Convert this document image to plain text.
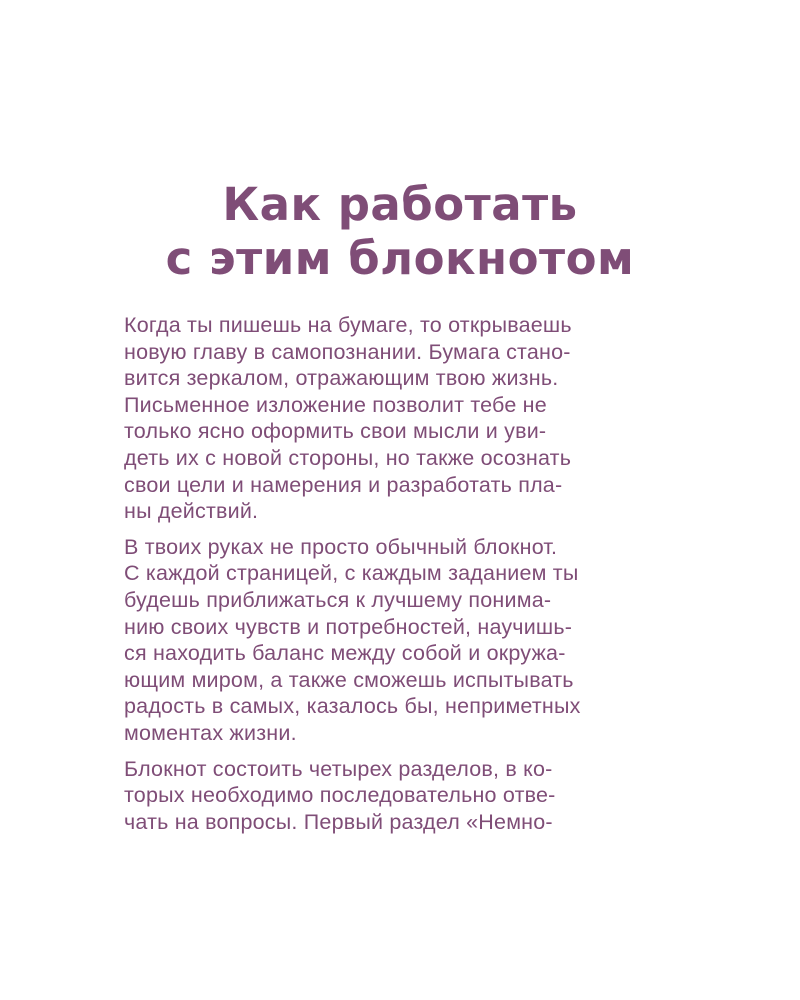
Как работать
с этим блокнотом

Когда ты пишешь на бумаге, то открываешь
новую главу в самопознании. Бумага стано-
вится зеркалом, отражающим твою жизнь.
Письменное изложение позволит тебе не
только ясно оформить свои мысли и уви-
деть их с новой стороны, но также осознать
свои цели и намерения и разработать пла-
ны действий.

В твоих руках не просто обычный блокнот.
С каждой страницей, с каждым заданием ты
будешь приближаться к лучшему понима-
нию своих чувств и потребностей, научишь-
ся находить баланс между собой и окружа-
ющим миром, а также сможешь испытывать
радость в самых, казалось бы, неприметных
моментах жизни.

Блокнот состоить четырех разделов, в ко-
торых необходимо последовательно отве-
чать на вопросы. Первый раздел «Немно-
